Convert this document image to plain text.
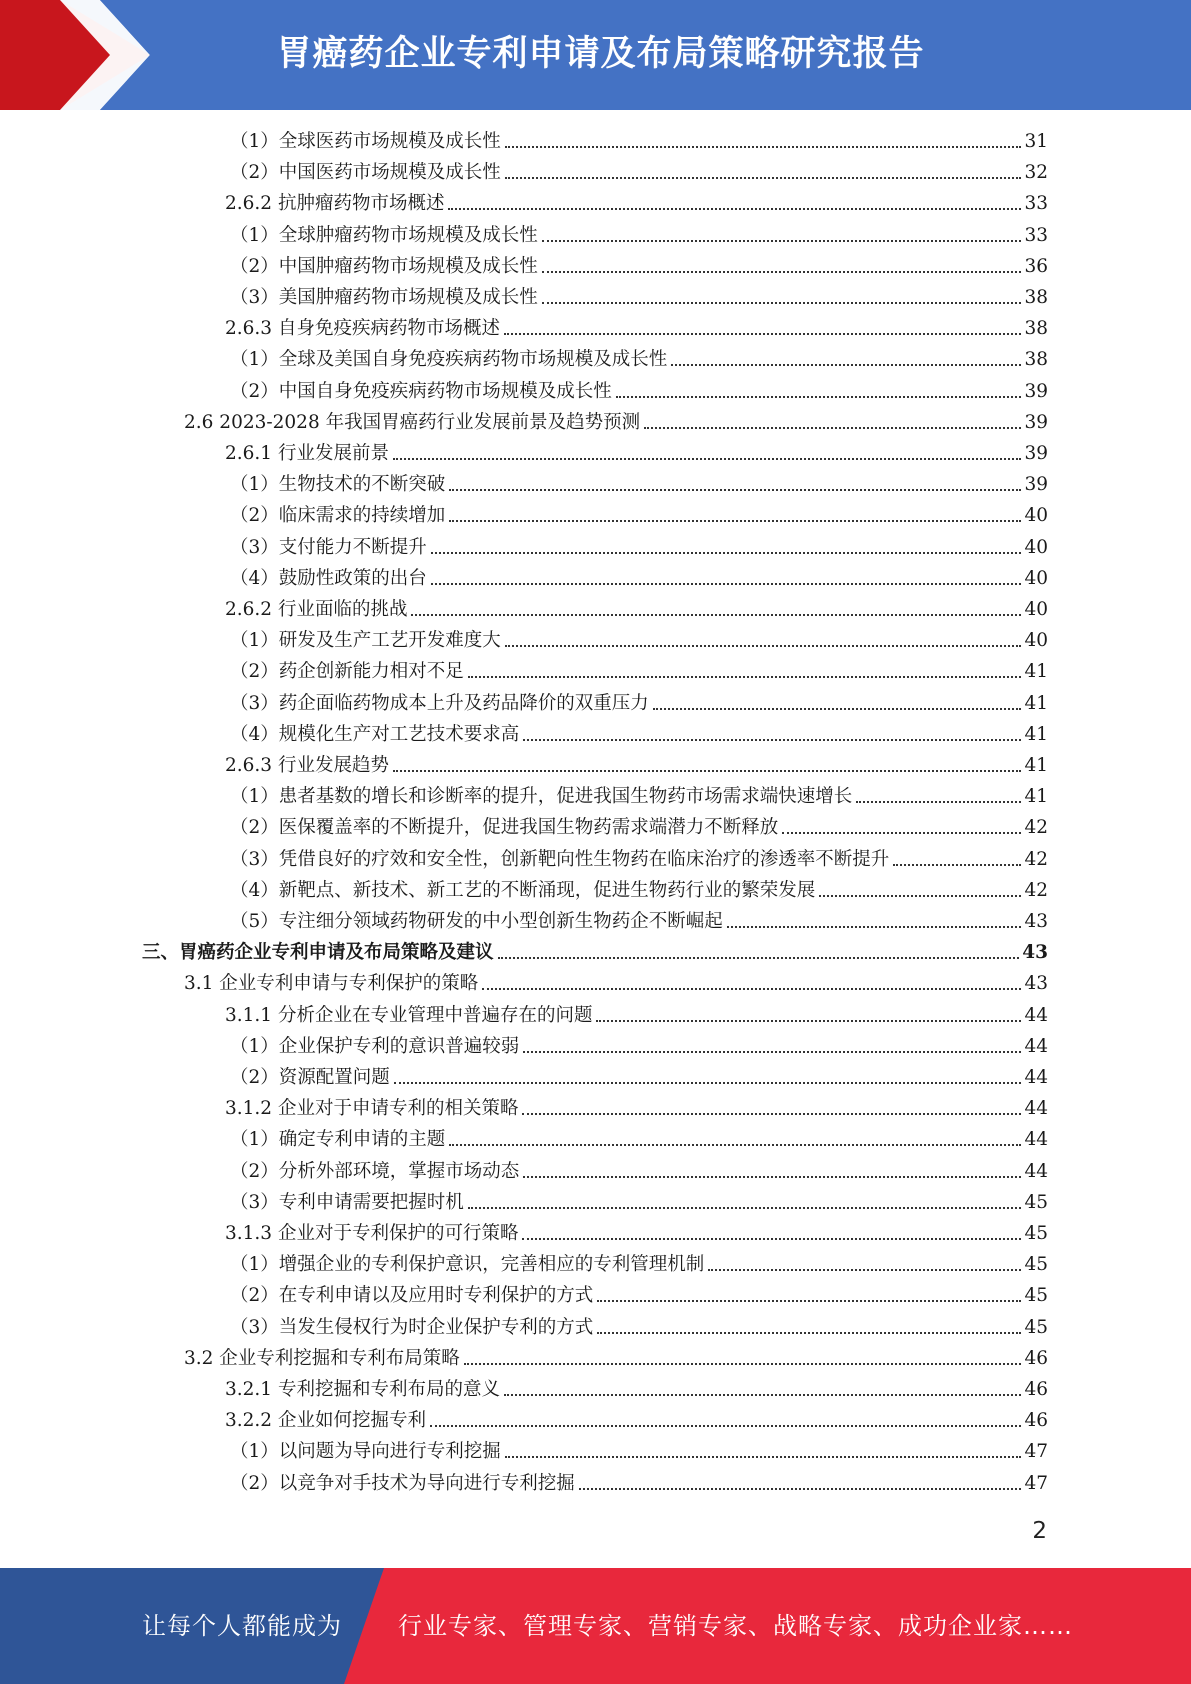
胃癌药企业专利申请及布局策略研究报告
（1）全球医药市场规模及成长性	31
（2）中国医药市场规模及成长性	32
2.6.2 抗肿瘤药物市场概述	33
（1）全球肿瘤药物市场规模及成长性	33
（2）中国肿瘤药物市场规模及成长性	36
（3）美国肿瘤药物市场规模及成长性	38
2.6.3 自身免疫疾病药物市场概述	38
（1）全球及美国自身免疫疾病药物市场规模及成长性	38
（2）中国自身免疫疾病药物市场规模及成长性	39
2.6 2023-2028 年我国胃癌药行业发展前景及趋势预测	39
2.6.1 行业发展前景	39
（1）生物技术的不断突破	39
（2）临床需求的持续增加	40
（3）支付能力不断提升	40
（4）鼓励性政策的出台	40
2.6.2 行业面临的挑战	40
（1）研发及生产工艺开发难度大	40
（2）药企创新能力相对不足	41
（3）药企面临药物成本上升及药品降价的双重压力	41
（4）规模化生产对工艺技术要求高	41
2.6.3 行业发展趋势	41
（1）患者基数的增长和诊断率的提升，促进我国生物药市场需求端快速增长	41
（2）医保覆盖率的不断提升，促进我国生物药需求端潜力不断释放	42
（3）凭借良好的疗效和安全性，创新靶向性生物药在临床治疗的渗透率不断提升	42
（4）新靶点、新技术、新工艺的不断涌现，促进生物药行业的繁荣发展	42
（5）专注细分领域药物研发的中小型创新生物药企不断崛起	43
三、胃癌药企业专利申请及布局策略及建议	43
3.1 企业专利申请与专利保护的策略	43
3.1.1 分析企业在专业管理中普遍存在的问题	44
（1）企业保护专利的意识普遍较弱	44
（2）资源配置问题	44
3.1.2 企业对于申请专利的相关策略	44
（1）确定专利申请的主题	44
（2）分析外部环境，掌握市场动态	44
（3）专利申请需要把握时机	45
3.1.3 企业对于专利保护的可行策略	45
（1）增强企业的专利保护意识，完善相应的专利管理机制	45
（2）在专利申请以及应用时专利保护的方式	45
（3）当发生侵权行为时企业保护专利的方式	45
3.2 企业专利挖掘和专利布局策略	46
3.2.1 专利挖掘和专利布局的意义	46
3.2.2 企业如何挖掘专利	46
（1）以问题为导向进行专利挖掘	47
（2）以竞争对手技术为导向进行专利挖掘	47
2
让每个人都能成为 行业专家、管理专家、营销专家、战略专家、成功企业家……
